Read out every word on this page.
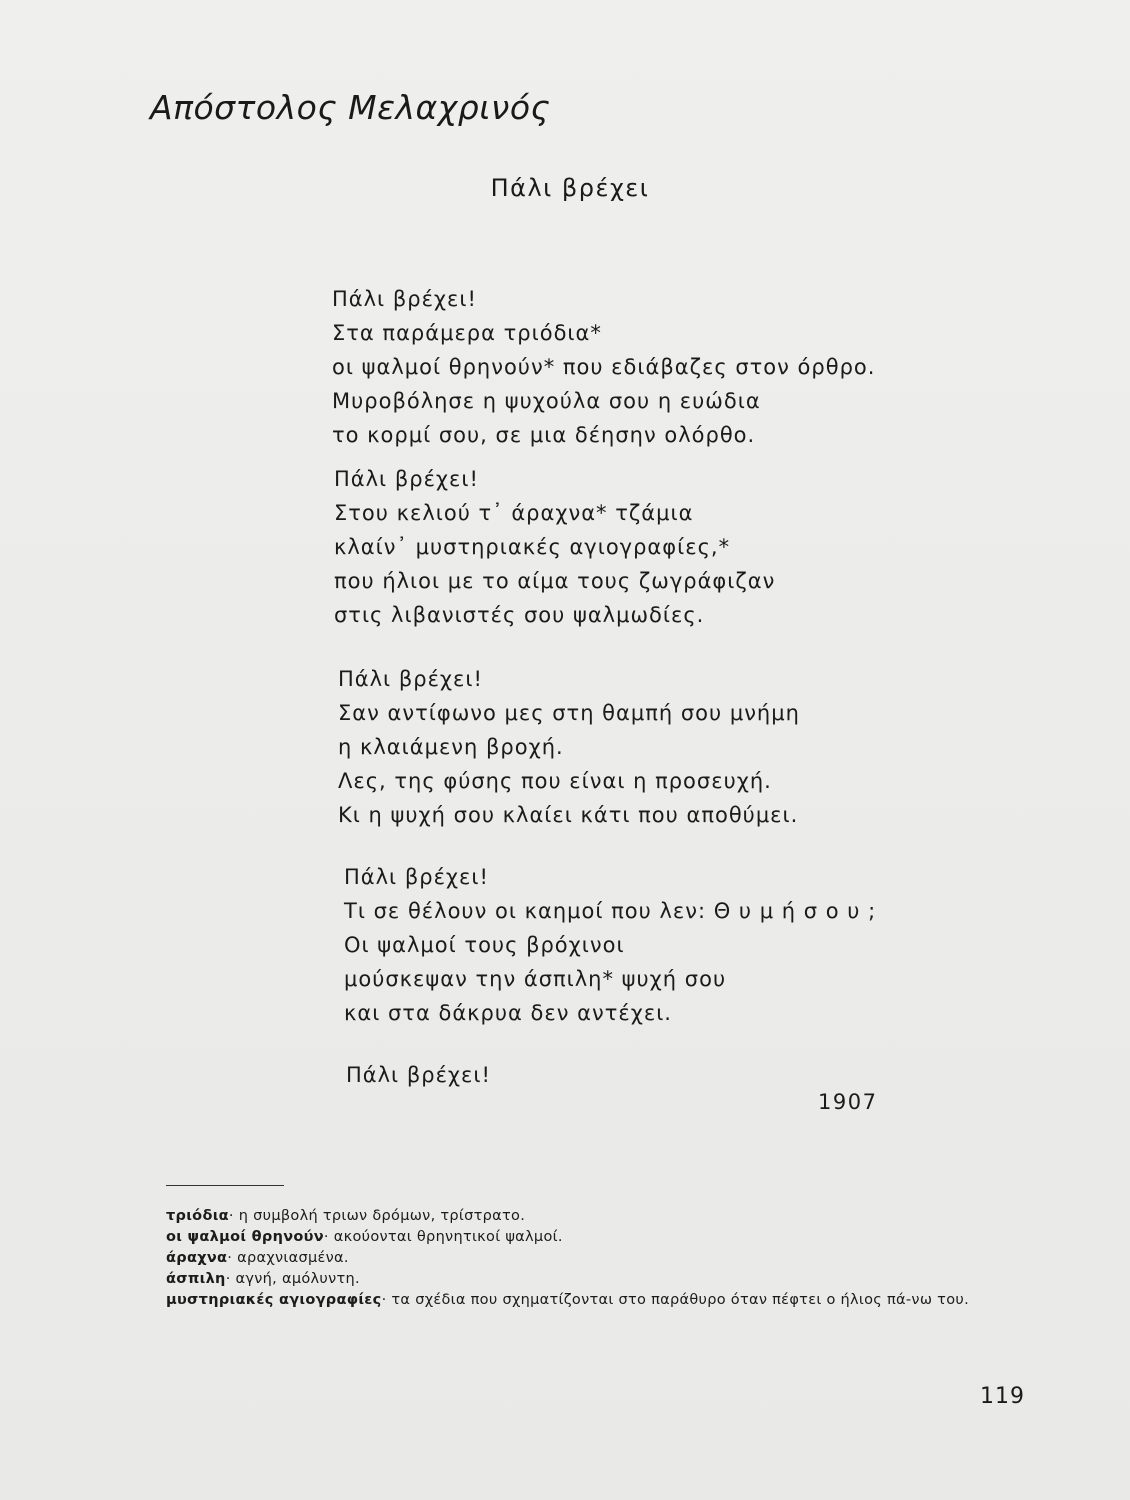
Απόστολος Μελαχρινός
Πάλι βρέχει
Πάλι βρέχει!
Στα παράμερα τριόδια*
οι ψαλμοί θρηνούν* που εδιάβαζες στον όρθρο.
Μυροβόλησε η ψυχούλα σου η ευώδια
το κορμί σου, σε μια δέησην ολόρθο.
Πάλι βρέχει!
Στου κελιού τ᾽ άραχνα* τζάμια
κλαίν᾽ μυστηριακές αγιογραφίες,*
που ήλιοι με το αίμα τους ζωγράφιζαν
στις λιβανιστές σου ψαλμωδίες.
Πάλι βρέχει!
Σαν αντίφωνο μες στη θαμπή σου μνήμη
η κλαιάμενη βροχή.
Λες, της φύσης που είναι η προσευχή.
Κι η ψυχή σου κλαίει κάτι που αποθύμει.
Πάλι βρέχει!
Τι σε θέλουν οι καημοί που λεν: Θ υ μ ή σ ο υ ;
Οι ψαλμοί τους βρόχινοι
μούσκεψαν την άσπιλη* ψυχή σου
και στα δάκρυα δεν αντέχει.
Πάλι βρέχει!
1907
τριόδια· η συμβολή τριων δρόμων, τρίστρατο.
οι ψαλμοί θρηνούν· ακούονται θρηνητικοί ψαλμοί.
άραχνα· αραχνιασμένα.
άσπιλη· αγνή, αμόλυντη.
μυστηριακές αγιογραφίες· τα σχέδια που σχηματίζονται στο παράθυρο όταν πέφτει ο ήλιος πά-νω του.
119
